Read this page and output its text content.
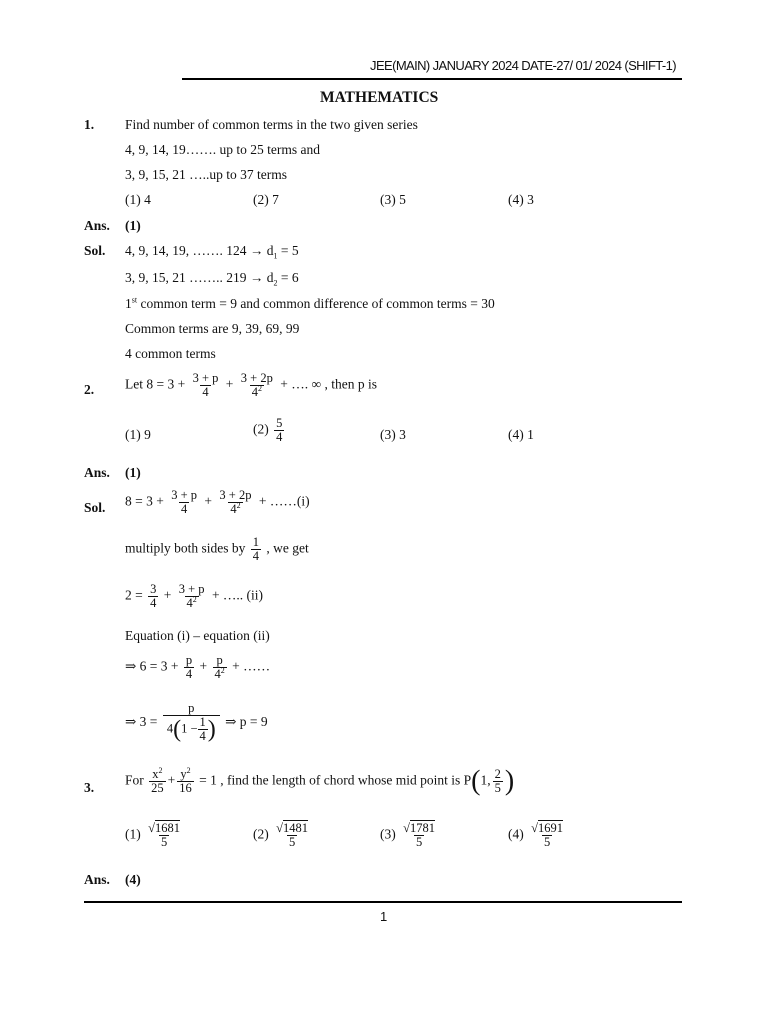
JEE(MAIN) JANUARY 2024 DATE-27/ 01/ 2024 (SHIFT-1)
MATHEMATICS
1. Find number of common terms in the two given series
4, 9, 14, 19……. up to 25 terms and
3, 9, 15, 21 …..up to 37 terms
(1) 4	(2) 7	(3) 5	(4) 3
Ans. (1)
Sol. 4, 9, 14, 19, ……. $124 \to d_1 = 5$
3, 9, 15, 21 …….. $219 \to d_2 = 6$
1st common term = 9 and common difference of common terms = 30
Common terms are 9, 39, 69, 99
4 common terms
2. Let $8 = 3 + \frac{3 + p}{4} + \frac{3 + 2p}{4^2}$ + …. ∞ , then p is
(1) 9	$(2) \frac{5}{4}$	(3) 3	(4) 1
Ans. (1)
Sol. $8 = 3 + \frac{3 + p}{4} + \frac{3 + 2p}{4^2}$ + ……(i)
multiply both sides by $\frac{1}{4}$ , we get
$2 = \frac{3}{4} + \frac{3 + p}{4^2}$ + ….. (ii)
Equation (i) – equation (ii)
⇒ $6 = 3 + \frac{p}{4} + \frac{p}{4^2}$ + ……
⇒ $3 = \frac{p}{4(1 - \frac{1}{4} )}$ ⇒ p = 9
3. For $\frac{x^2}{25} + \frac{y^2}{16} = 1$ , find the length of chord whose mid point is P(1, $\frac{2}{5}$ )
$(1) \frac{√1681}{5}$	$(2) \frac{√1481}{5}$	$(3) \frac{√1781}{5}$	$(4) \frac{√1691}{5}$
Ans. (4)
1
